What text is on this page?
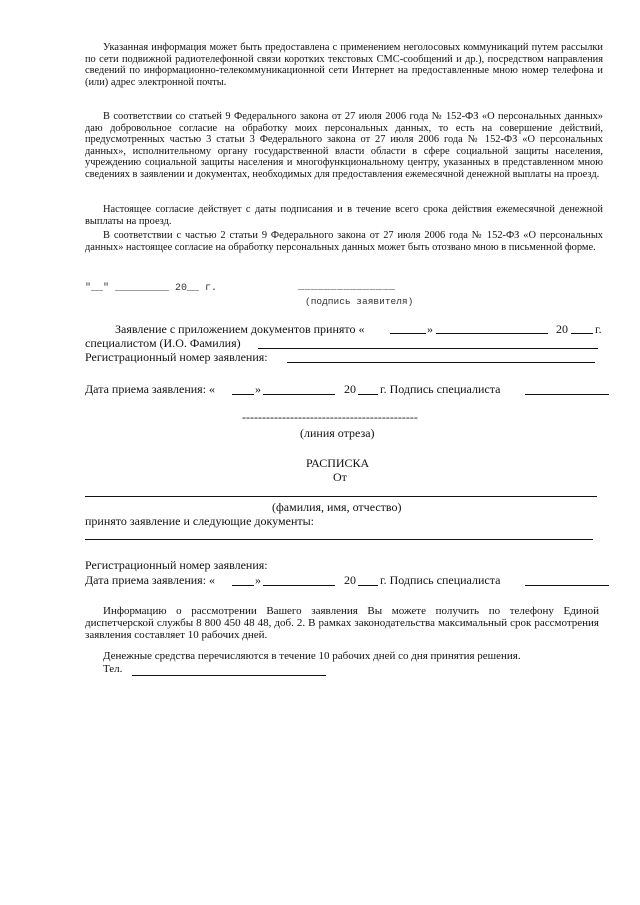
Указанная информация может быть предоставлена с применением неголосовых коммуникаций путем рассылки по сети подвижной радиотелефонной связи коротких текстовых СМС-сообщений и др.), посредством направления сведений по информационно-телекоммуникационной сети Интернет на предоставленные мною номер телефона и (или) адрес электронной почты.
В соответствии со статьей 9 Федерального закона от 27 июля 2006 года № 152-ФЗ «О персональных данных» даю добровольное согласие на обработку моих персональных данных, то есть на совершение действий, предусмотренных частью 3 статьи 3 Федерального закона от 27 июля 2006 года № 152-ФЗ «О персональных данных», исполнительному органу государственной власти области в сфере социальной защиты населения, учреждению социальной защиты населения и многофункциональному центру, указанных в представленном мною сведениях в заявлении и документах, необходимых для предоставления ежемесячной денежной выплаты на проезд.
Настоящее согласие действует с даты подписания и в течение всего срока действия ежемесячной денежной выплаты на проезд.
В соответствии с частью 2 статьи 9 Федерального закона от 27 июля 2006 года № 152-ФЗ «О персональных данных» настоящее согласие на обработку персональных данных может быть отозвано мною в письменной форме.
"__" _________ 20__ г.	_______________
(подпись заявителя)
Заявление с приложением документов принято «	»	20 г.
специалистом (И.О. Фамилия)
Регистрационный номер заявления:
Дата приема заявления: «	»	20 г. Подпись специалиста
--------------------------------------------
(линия отреза)
РАСПИСКА
От
(фамилия, имя, отчество)
принято заявление и следующие документы:
Регистрационный номер заявления:
Дата приема заявления: «	»	20 г. Подпись специалиста
Информацию о рассмотрении Вашего заявления Вы можете получить по телефону Единой диспетчерской службы 8 800 450 48 48, доб. 2. В рамках законодательства максимальный срок рассмотрения заявления составляет 10 рабочих дней.
Денежные средства перечисляются в течение 10 рабочих дней со дня принятия решения.
Тел.
